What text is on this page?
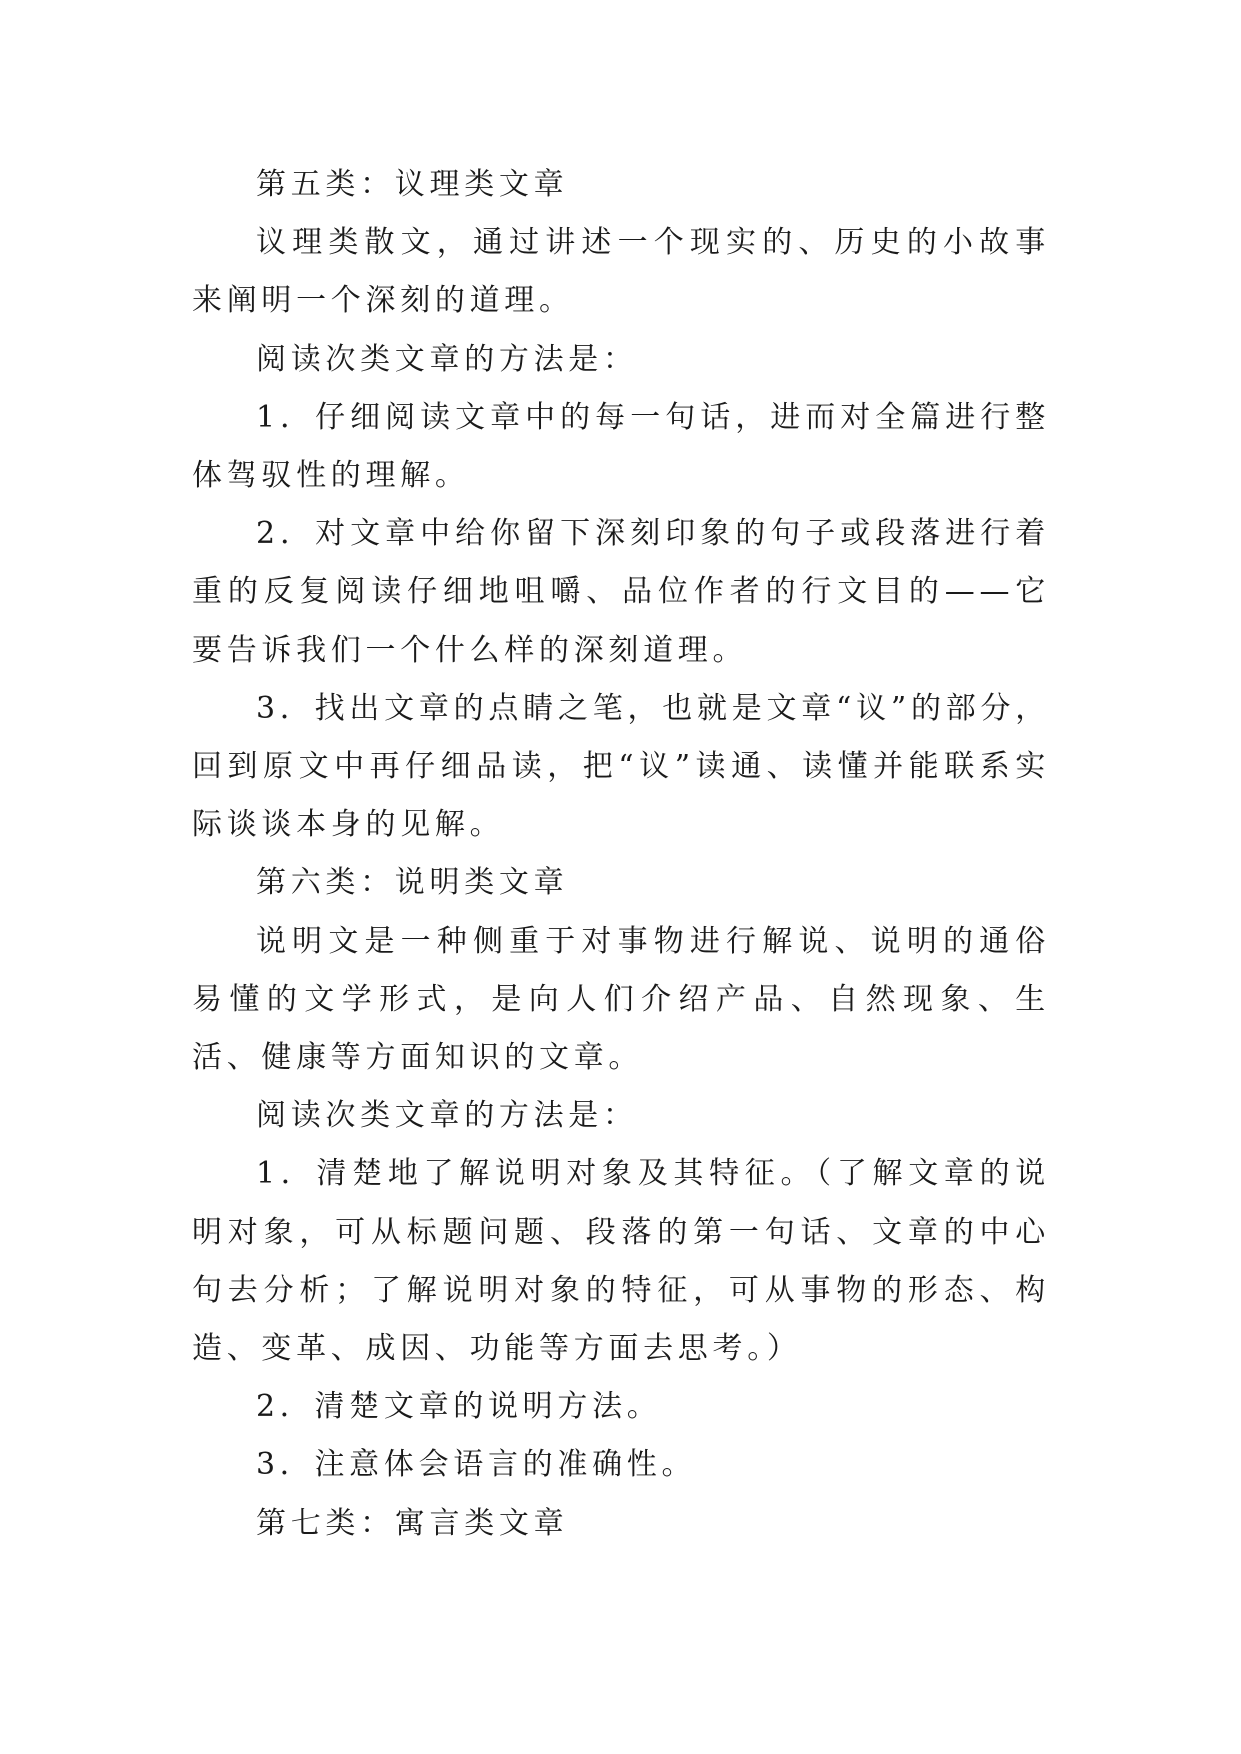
第五类：议理类文章

议理类散文，通过讲述一个现实的、历史的小故事来阐明一个深刻的道理。

阅读次类文章的方法是：

1．仔细阅读文章中的每一句话，进而对全篇进行整体驾驭性的理解。

2．对文章中给你留下深刻印象的句子或段落进行着重的反复阅读仔细地咀嚼、品位作者的行文目的——它要告诉我们一个什么样的深刻道理。

3．找出文章的点睛之笔，也就是文章“议”的部分，回到原文中再仔细品读，把“议”读通、读懂并能联系实际谈谈本身的见解。

第六类：说明类文章

说明文是一种侧重于对事物进行解说、说明的通俗易懂的文学形式，是向人们介绍产品、自然现象、生活、健康等方面知识的文章。

阅读次类文章的方法是：

1．清楚地了解说明对象及其特征。（了解文章的说明对象，可从标题问题、段落的第一句话、文章的中心句去分析；了解说明对象的特征，可从事物的形态、构造、变革、成因、功能等方面去思考。）

2．清楚文章的说明方法。

3．注意体会语言的准确性。

第七类：寓言类文章
